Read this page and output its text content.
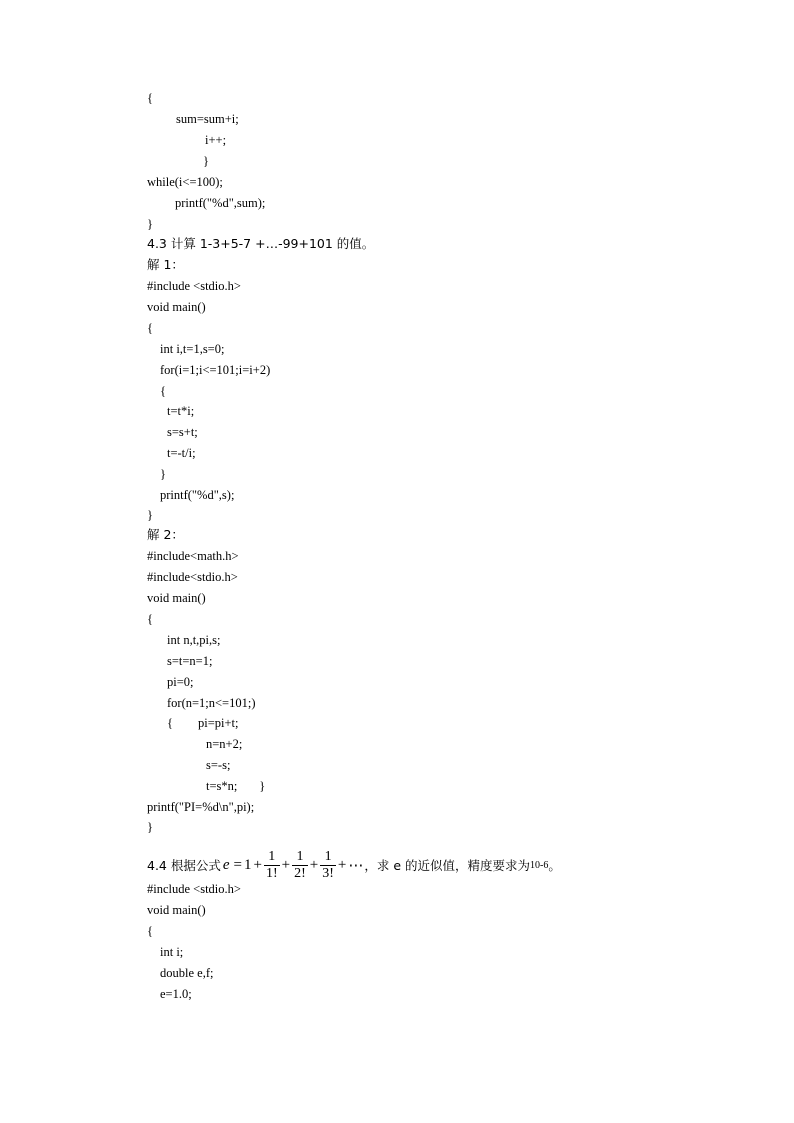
{
sum=sum+i;
i++;
}
while(i<=100);
printf("%d",sum);
}
4.3 计算 1-3+5-7 +…-99+101 的值。
解 1：
#include <stdio.h>
void main()
{
int i,t=1,s=0;
for(i=1;i<=101;i=i+2)
{
t=t*i;
s=s+t;
t=-t/i;
}
printf("%d",s);
}
解 2：
#include<math.h>
#include<stdio.h>
void main()
{
int n,t,pi,s;
s=t=n=1;
pi=0;
for(n=1;n<=101;)
{        pi=pi+t;
n=n+2;
s=-s;
t=s*n;       }
printf("PI=%d\n",pi);
}
#include <stdio.h>
void main()
{
int i;
double e,f;
e=1.0;
4.4 根据公式 $e = 1 + \frac{1}{1!} + \frac{1}{2!} + \frac{1}{3!}$ + ⋯ ，求 e 的近似值，精度要求为 10-6 。
